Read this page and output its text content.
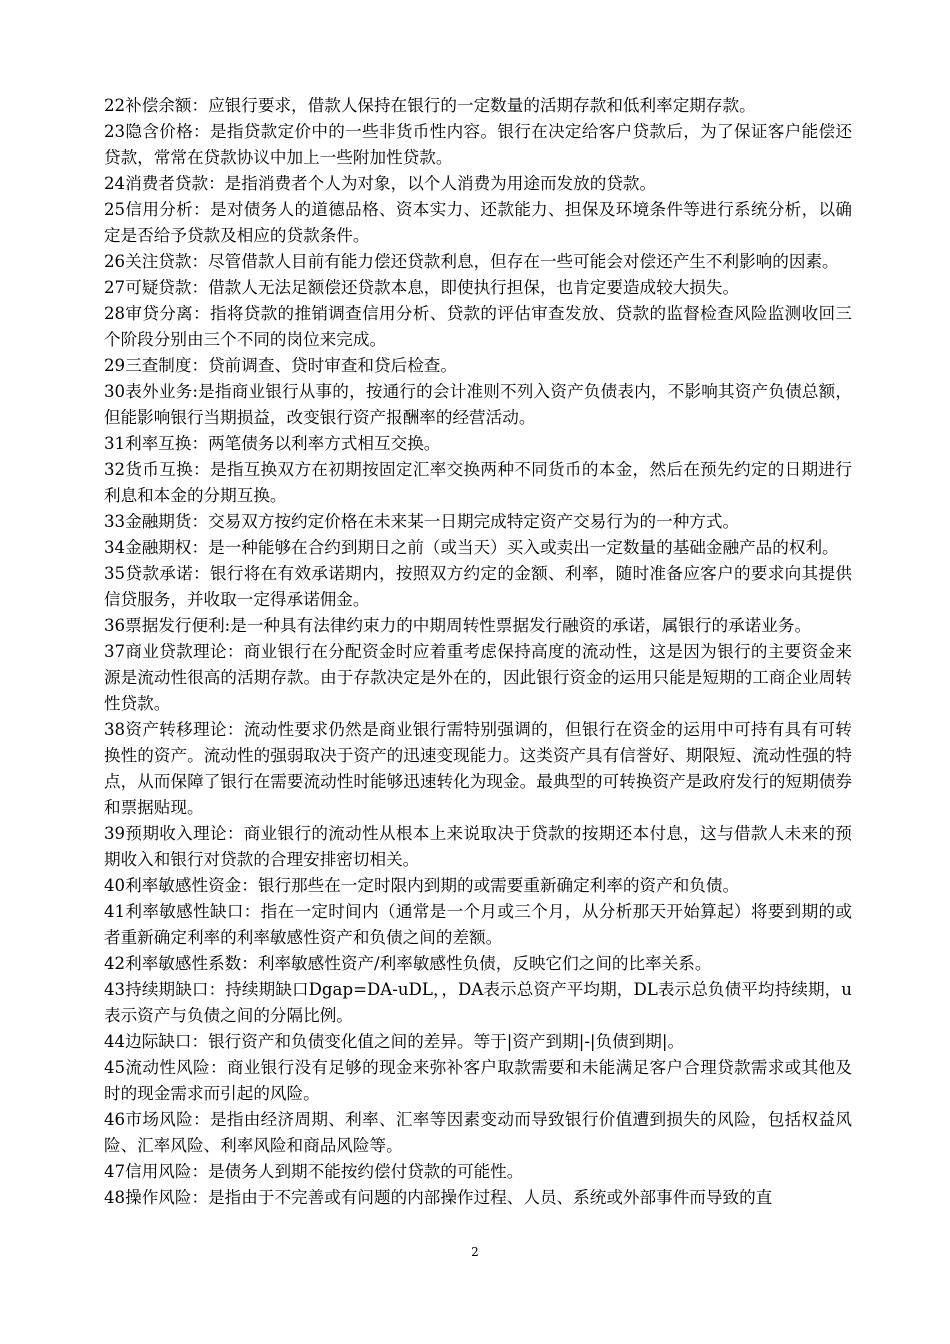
22补偿余额：应银行要求，借款人保持在银行的一定数量的活期存款和低利率定期存款。

23隐含价格：是指贷款定价中的一些非货币性内容。银行在决定给客户贷款后，为了保证客户能偿还贷款，常常在贷款协议中加上一些附加性贷款。

24消费者贷款：是指消费者个人为对象，以个人消费为用途而发放的贷款。

25信用分析：是对债务人的道德品格、资本实力、还款能力、担保及环境条件等进行系统分析，以确定是否给予贷款及相应的贷款条件。

26关注贷款：尽管借款人目前有能力偿还贷款利息，但存在一些可能会对偿还产生不利影响的因素。

27可疑贷款：借款人无法足额偿还贷款本息，即使执行担保，也肯定要造成较大损失。

28审贷分离：指将贷款的推销调查信用分析、贷款的评估审查发放、贷款的监督检查风险监测收回三个阶段分别由三个不同的岗位来完成。

29三查制度：贷前调查、贷时审查和贷后检查。

30表外业务:是指商业银行从事的，按通行的会计准则不列入资产负债表内，不影响其资产负债总额，但能影响银行当期损益，改变银行资产报酬率的经营活动。

31利率互换：两笔债务以利率方式相互交换。

32货币互换：是指互换双方在初期按固定汇率交换两种不同货币的本金，然后在预先约定的日期进行利息和本金的分期互换。

33金融期货：交易双方按约定价格在未来某一日期完成特定资产交易行为的一种方式。

34金融期权：是一种能够在合约到期日之前（或当天）买入或卖出一定数量的基础金融产品的权利。

35贷款承诺：银行将在有效承诺期内，按照双方约定的金额、利率，随时准备应客户的要求向其提供信贷服务，并收取一定得承诺佣金。

36票据发行便利:是一种具有法律约束力的中期周转性票据发行融资的承诺，属银行的承诺业务。

37商业贷款理论：商业银行在分配资金时应着重考虑保持高度的流动性，这是因为银行的主要资金来源是流动性很高的活期存款。由于存款决定是外在的，因此银行资金的运用只能是短期的工商企业周转性贷款。

38资产转移理论：流动性要求仍然是商业银行需特别强调的，但银行在资金的运用中可持有具有可转换性的资产。流动性的强弱取决于资产的迅速变现能力。这类资产具有信誉好、期限短、流动性强的特点，从而保障了银行在需要流动性时能够迅速转化为现金。最典型的可转换资产是政府发行的短期债券和票据贴现。

39预期收入理论：商业银行的流动性从根本上来说取决于贷款的按期还本付息，这与借款人未来的预期收入和银行对贷款的合理安排密切相关。

40利率敏感性资金：银行那些在一定时限内到期的或需要重新确定利率的资产和负债。

41利率敏感性缺口：指在一定时间内（通常是一个月或三个月，从分析那天开始算起）将要到期的或者重新确定利率的利率敏感性资产和负债之间的差额。

42利率敏感性系数：利率敏感性资产/利率敏感性负债，反映它们之间的比率关系。

43持续期缺口：持续期缺口Dgap=DA-uDL，，DA表示总资产平均期，DL表示总负债平均持续期，u表示资产与负债之间的分隔比例。

44边际缺口：银行资产和负债变化值之间的差异。等于|资产到期|-|负债到期|。

45流动性风险：商业银行没有足够的现金来弥补客户取款需要和未能满足客户合理贷款需求或其他及时的现金需求而引起的风险。

46市场风险：是指由经济周期、利率、汇率等因素变动而导致银行价值遭到损失的风险，包括权益风险、汇率风险、利率风险和商品风险等。

47信用风险：是债务人到期不能按约偿付贷款的可能性。

48操作风险：是指由于不完善或有问题的内部操作过程、人员、系统或外部事件而导致的直

2
